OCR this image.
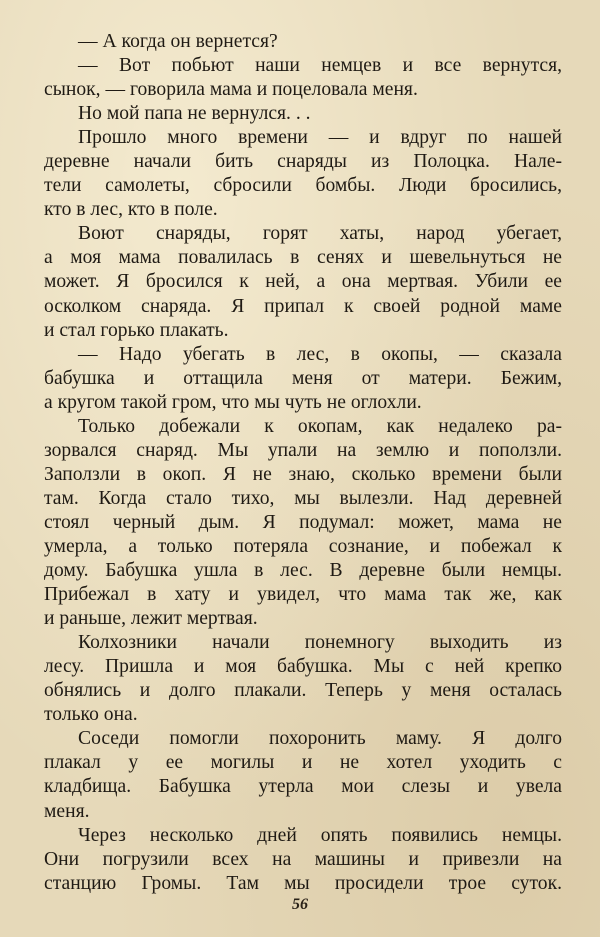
— А когда он вернется?

— Вот побьют наши немцев и все вернутся,
сынок, — говорила мама и поцеловала меня.

Но мой папа не вернулся. . .

Прошло много времени — и вдруг по нашей
деревне начали бить снаряды из Полоцка. Нале-
тели самолеты, сбросили бомбы. Люди бросились,
кто в лес, кто в поле.

Воют снаряды, горят хаты, народ убегает,
а моя мама повалилась в сенях и шевельнуться не
может. Я бросился к ней, а она мертвая. Убили ее
осколком снаряда. Я припал к своей родной маме
и стал горько плакать.

— Надо убегать в лес, в окопы, — сказала
бабушка и оттащила меня от матери. Бежим,
а кругом такой гром, что мы чуть не оглохли.

Только добежали к окопам, как недалеко ра-
зорвался снаряд. Мы упали на землю и поползли.
Заползли в окоп. Я не знаю, сколько времени были
там. Когда стало тихо, мы вылезли. Над деревней
стоял черный дым. Я подумал: может, мама не
умерла, а только потеряла сознание, и побежал к
дому. Бабушка ушла в лес. В деревне были немцы.
Прибежал в хату и увидел, что мама так же, как
и раньше, лежит мертвая.

Колхозники начали понемногу выходить из
лесу. Пришла и моя бабушка. Мы с ней крепко
обнялись и долго плакали. Теперь у меня осталась
только она.

Соседи помогли похоронить маму. Я долго
плакал у ее могилы и не хотел уходить с
кладбища. Бабушка утерла мои слезы и увела
меня.

Через несколько дней опять появились немцы.
Они погрузили всех на машины и привезли на
станцию Громы. Там мы просидели трое суток.

56
